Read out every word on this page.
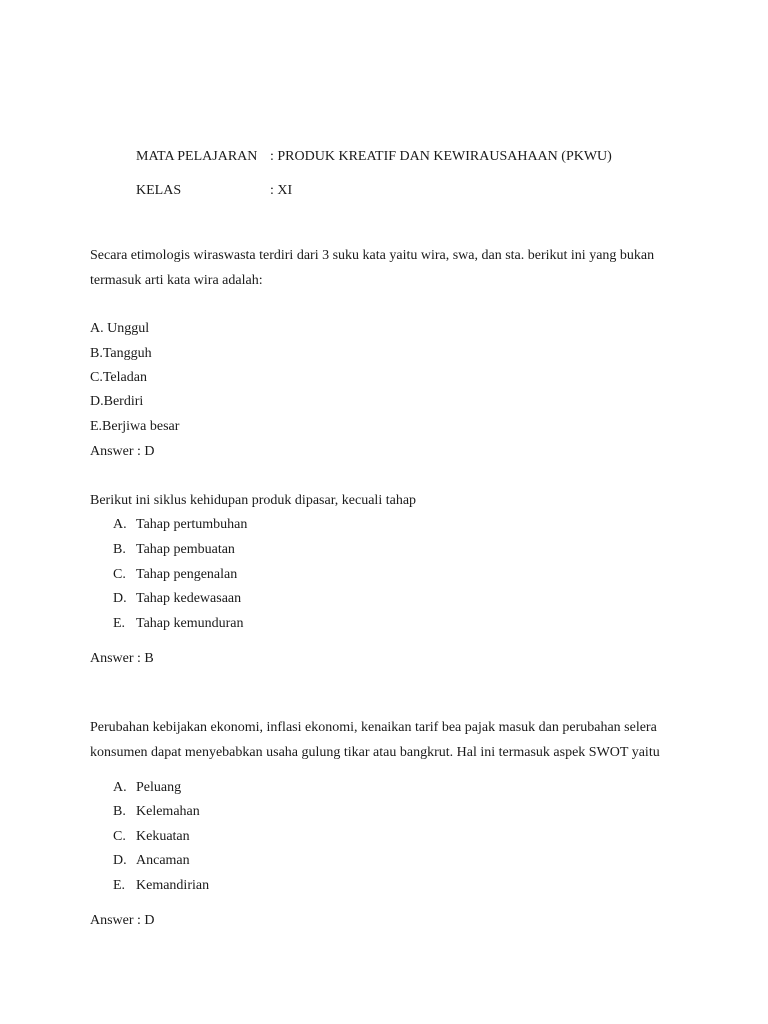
MATA PELAJARAN : PRODUK KREATIF DAN KEWIRAUSAHAAN (PKWU)
KELAS	: XI
Secara etimologis wiraswasta terdiri dari 3 suku kata yaitu wira, swa, dan sta. berikut ini yang bukan
termasuk arti kata wira adalah:
A. Unggul
B.Tangguh
C.Teladan
D.Berdiri
E.Berjiwa besar
Answer : D
Berikut ini siklus kehidupan produk dipasar, kecuali tahap
A. Tahap pertumbuhan
B. Tahap pembuatan
C. Tahap pengenalan
D. Tahap kedewasaan
E. Tahap kemunduran
Answer : B
Perubahan kebijakan ekonomi, inflasi ekonomi, kenaikan tarif bea pajak masuk dan perubahan selera
konsumen dapat menyebabkan usaha gulung tikar atau bangkrut. Hal ini termasuk aspek SWOT yaitu
A. Peluang
B. Kelemahan
C. Kekuatan
D. Ancaman
E. Kemandirian
Answer : D
